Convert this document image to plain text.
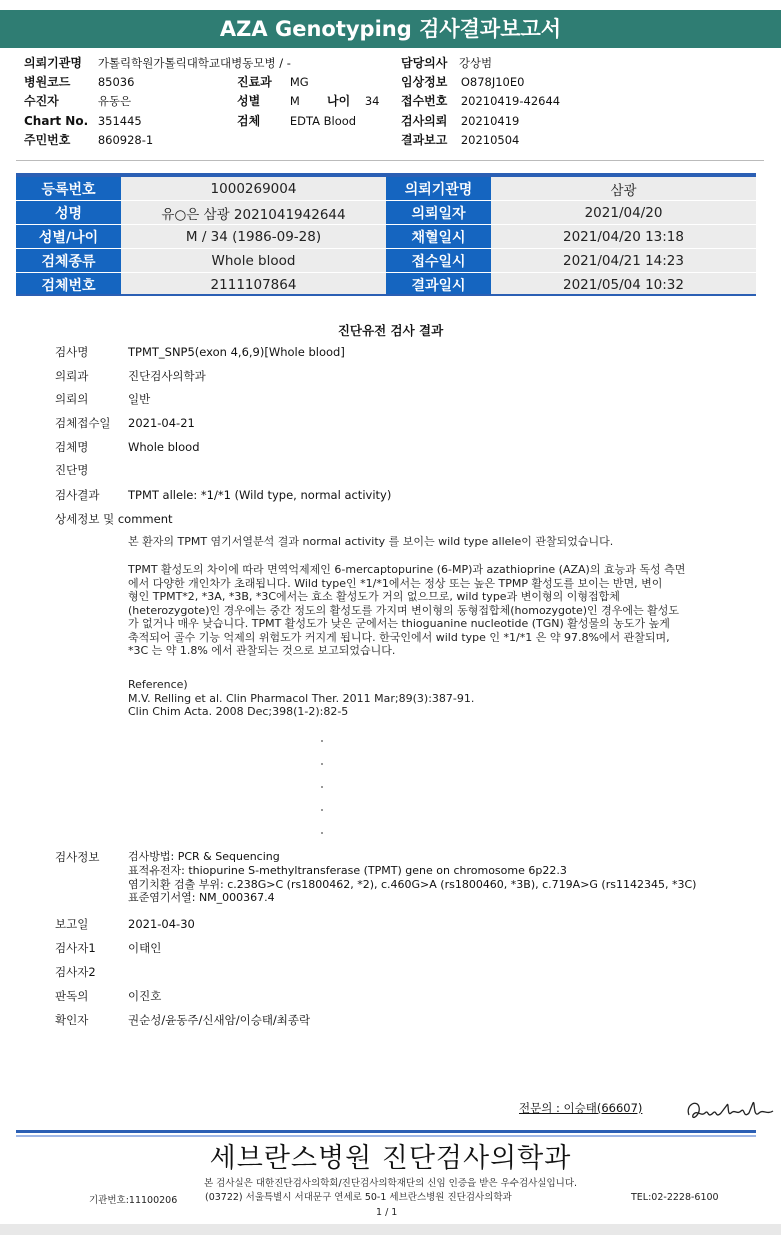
AZA Genotyping 검사결과보고서
의뢰기관명 가톨릭학원가톨릭대학교대병동모병 / -	담당의사 강상범
병원코드 85036	진료과 MG	임상정보 O878J10E0
수진자	유동은	성별	M 나이 34 접수번호 20210419-42644
Chart No. 351445	검체	EDTA Blood	검사의뢰 20210419
주민번호 860928-1	결과보고 20210504
등록번호	1000269004	의뢰기관명	삼광
성명	유○은 삼광 2021041942644	의뢰일자	2021/04/20
성별/나이	M / 34 (1986-09-28)	채혈일시	2021/04/20 13:18
검체종류	Whole blood	접수일시	2021/04/21 14:23
검체번호	2111107864	결과일시	2021/05/04 10:32
진단유전 검사 결과
검사명	TPMT_SNP5(exon 4,6,9)[Whole blood]
의뢰과	진단검사의학과
의뢰의	일반
검체접수일 2021-04-21
검체명	Whole blood
진단명
검사결과 TPMT allele: *1/*1 (Wild type, normal activity)
상세정보 및 comment
본 환자의 TPMT 염기서열분석 결과 normal activity 를 보이는 wild type allele이 관찰되었습니다.
TPMT 활성도의 차이에 따라 면역억제제인 6-mercaptopurine (6-MP)과 azathioprine (AZA)의 효능과 독성 측면
에서 다양한 개인차가 초래됩니다. Wild type인 *1/*1에서는 정상 또는 높은 TPMP 활성도를 보이는 반면, 변이
형인 TPMT*2, *3A, *3B, *3C에서는 효소 활성도가 거의 없으므로, wild type과 변이형의 이형접합체
(heterozygote)인 경우에는 중간 정도의 활성도를 가지며 변이형의 동형접합체(homozygote)인 경우에는 활성도
가 없거나 매우 낮습니다. TPMT 활성도가 낮은 군에서는 thioguanine nucleotide (TGN) 활성물의 농도가 높게
축적되어 골수 기능 억제의 위험도가 커지게 됩니다. 한국인에서 wild type 인 *1/*1 은 약 97.8%에서 관찰되며,
*3C 는 약 1.8% 에서 관찰되는 것으로 보고되었습니다.
Reference)
M.V. Relling et al. Clin Pharmacol Ther. 2011 Mar;89(3):387-91.
Clin Chim Acta. 2008 Dec;398(1-2):82-5
검사정보	검사방법: PCR & Sequencing
표적유전자: thiopurine S-methyltransferase (TPMT) gene on chromosome 6p22.3
염기치환 검출 부위: c.238G>C (rs1800462, *2), c.460G>A (rs1800460, *3B), c.719A>G (rs1142345, *3C)
표준염기서열: NM_000367.4
보고일	2021-04-30
검사자1	이태인
검사자2
판독의	이진호
확인자	권순성/윤동주/신새암/이승태/최종락
전문의 : 이승태(66607)
세브란스병원 진단검사의학과
본 검사실은 대한진단검사의학회/진단검사의학재단의 신임 인증을 받은 우수검사실입니다.
기관번호:11100206	(03722) 서울특별시 서대문구 연세로 50-1 세브란스병원 진단검사의학과	TEL:02-2228-6100
1 / 1
